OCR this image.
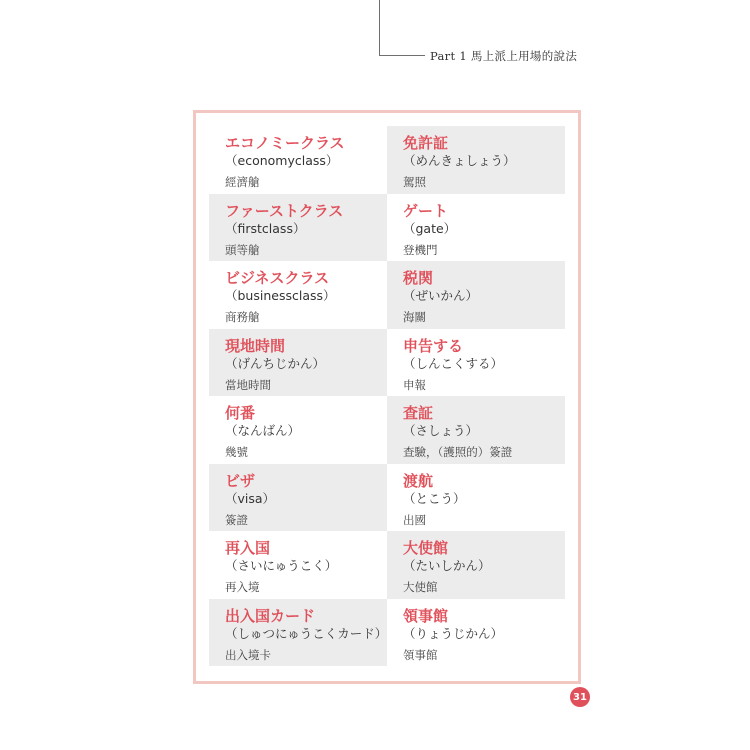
Part 1 馬上派上用場的說法
エコノミークラス
（economyclass）
經濟艙
免許証
（めんきょしょう）
駕照
ファーストクラス
（firstclass）
頭等艙
ゲート
（gate）
登機門
ビジネスクラス
（businessclass）
商務艙
税関
（ぜいかん）
海關
現地時間
（げんちじかん）
當地時間
申告する
（しんこくする）
申報
何番
（なんばん）
幾號
査証
（さしょう）
查驗，（護照的）簽證
ビザ
（visa）
簽證
渡航
（とこう）
出國
再入国
（さいにゅうこく）
再入境
大使館
（たいしかん）
大使館
出入国カード
（しゅつにゅうこくカード）
出入境卡
領事館
（りょうじかん）
領事館
31
